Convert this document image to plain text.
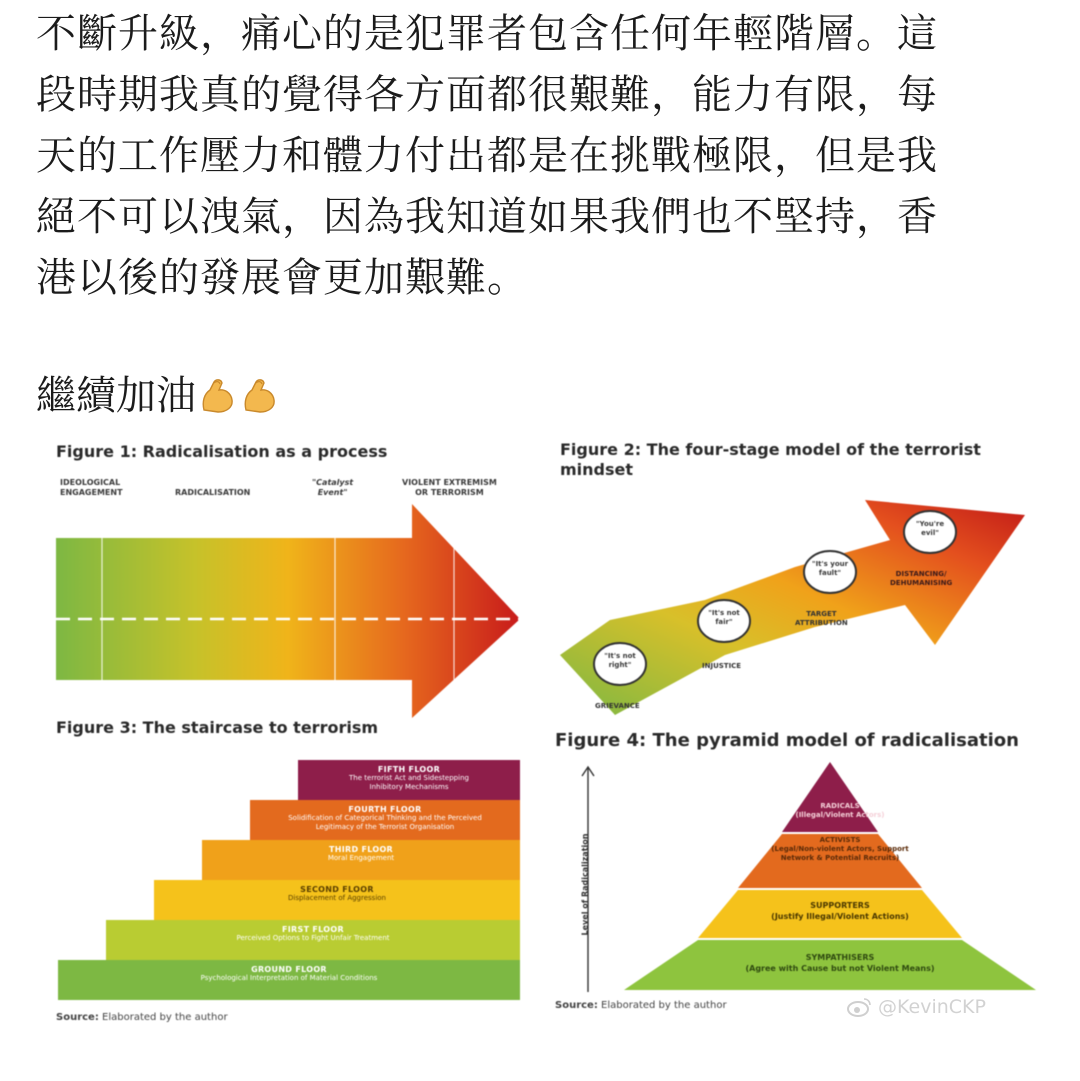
不斷升級，痛心的是犯罪者包含任何年輕階層。這

段時期我真的覺得各方面都很艱難，能力有限，每

天的工作壓力和體力付出都是在挑戰極限，但是我

絕不可以洩氣，因為我知道如果我們也不堅持，香

港以後的發展會更加艱難。

繼續加油
Figure 1: Radicalisation as a process
IDEOLOGICAL
ENGAGEMENT	RADICALISATION
"Catalyst
Event"
VIOLENT EXTREMISM
OR TERRORISM
Figure 2: The four-stage model of the terrorist
mindset
"It's not
right"
"It's not
fair"
"It's your
fault"
"You're
evil"
GRIEVANCE
INJUSTICE
TARGET
ATTRIBUTION
DISTANCING/
DEHUMANISING
Figure 3: The staircase to terrorism
FIFTH FLOOR
The terrorist Act and Sidestepping
Inhibitory Mechanisms
FOURTH FLOOR
Solidification of Categorical Thinking and the Perceived
Legitimacy of the Terrorist Organisation
THIRD FLOOR
Moral Engagement
SECOND FLOOR
Displacement of Aggression
FIRST FLOOR
Perceived Options to Fight Unfair Treatment
GROUND FLOOR
Psychological Interpretation of Material Conditions
Source: Elaborated by the author
Figure 4: The pyramid model of radicalisation
Level of Radicalization
RADICALS
(Illegal/Violent Actors)
ACTIVISTS
(Legal/Non-violent Actors, Support Network & Potential Recruits)
SUPPORTERS
(Justify Illegal/Violent Actions)
SYMPATHISERS
(Agree with Cause but not Violent Means)
Source: Elaborated by the author	@KevinCKP
